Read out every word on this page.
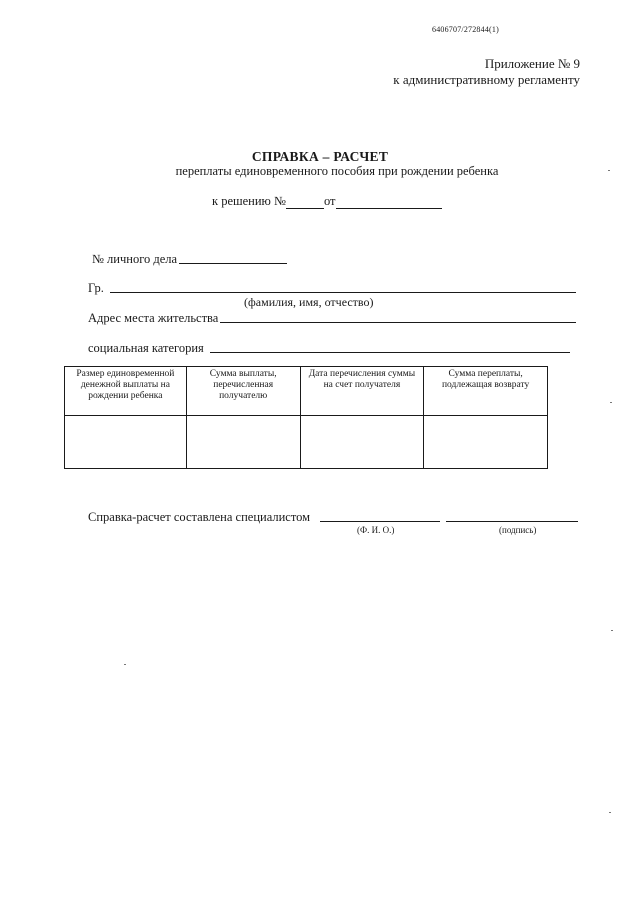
6406707/272844(1)
Приложение № 9
к административному регламенту
СПРАВКА – РАСЧЕТ
переплаты единовременного пособия при рождении ребенка
к решению №	от
№ личного дела
Гр.
(фамилия, имя, отчество)
Адрес места жительства
социальная категория
Размер единовременной денежной выплаты на рождении ребенка	Сумма выплаты, перечисленная получателю	Дата перечисления суммы на счет получателя	Сумма переплаты, подлежащая возврату

Справка-расчет составлена специалистом
(Ф. И. О.)	(подпись)
